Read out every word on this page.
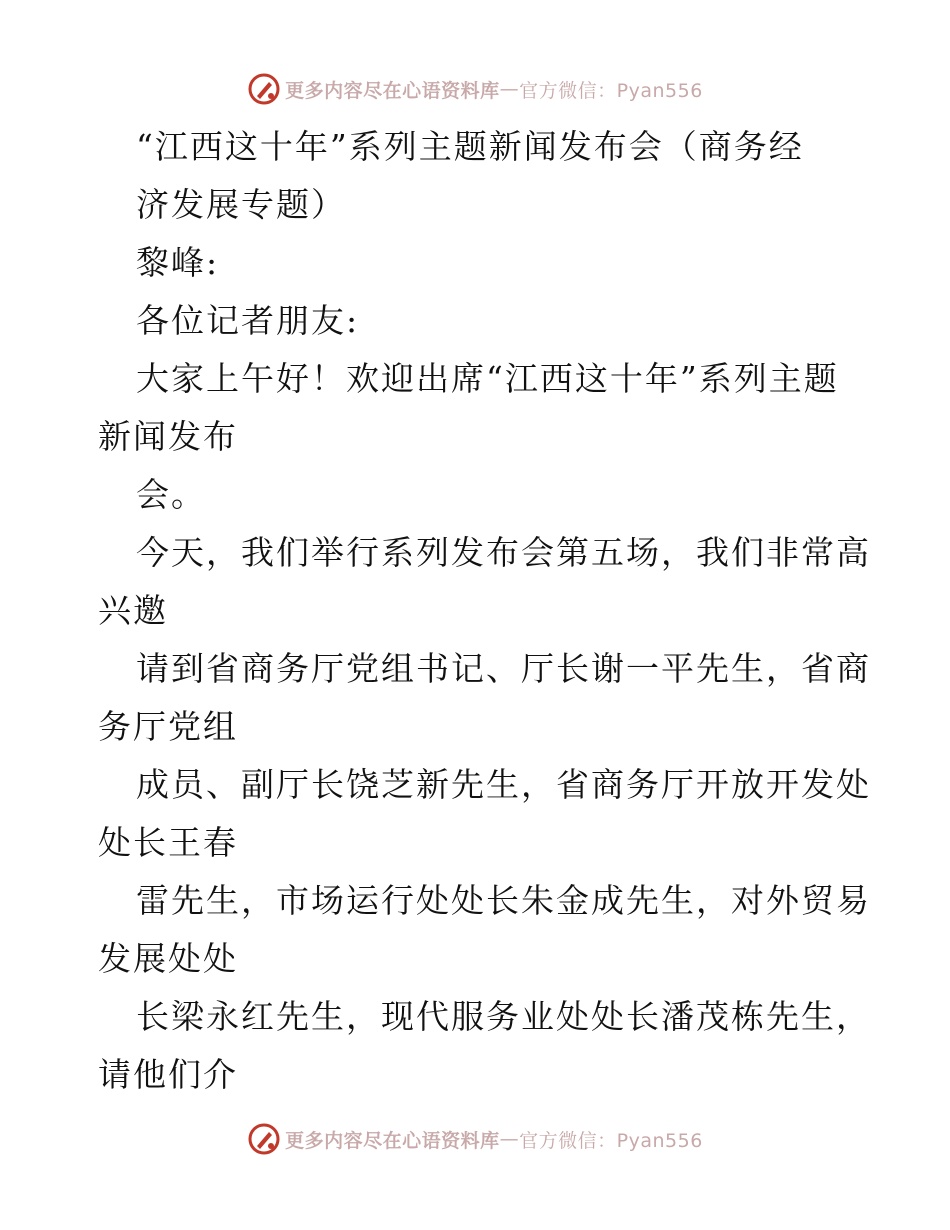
更多内容尽在心语资料库 — 官方微信：Pyan556
“江西这十年”系列主题新闻发布会（商务经
济发展专题）
黎峰:
各位记者朋友:
大家上午好！欢迎出席“江西这十年”系列主题
新闻发布
会。
今天，我们举行系列发布会第五场，我们非常高
兴邀
请到省商务厅党组书记、厅长谢一平先生，省商
务厅党组
成员、副厅长饶芝新先生，省商务厅开放开发处
处长王春
雷先生，市场运行处处长朱金成先生，对外贸易
发展处处
长梁永红先生，现代服务业处处长潘茂栋先生，
请他们介
更多内容尽在心语资料库 — 官方微信：Pyan556
